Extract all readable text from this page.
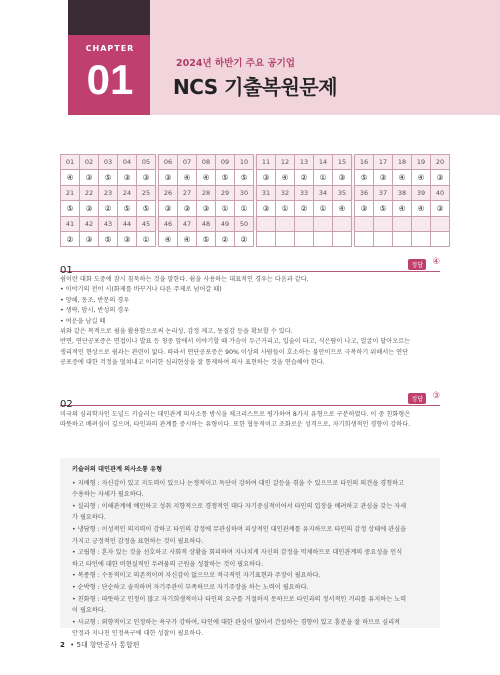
CHAPTER
01	2024년 하반기 주요 공기업
NCS 기출복원문제
01	02	03	04	05		06	07	08	09	10		11	12	13	14	15		16	17	18	19	20
④	③	⑤	③	③		③	④	④	⑤	⑤		③	④	②	①	③		⑤	③	④	④	③
21	22	23	24	25		26	27	28	29	30		31	32	33	34	35		36	37	38	39	40
⑤	③	②	⑤	⑤		③	③	③	①	①		③	①	②	①	④		③	⑤	④	④	③
41	42	43	44	45		46	47	48	49	50												
②	③	⑤	③	①		④	④	⑤	②	②												
01	정답	④
쉼이란 대화 도중에 잠시 침묵하는 것을 말한다. 쉼을 사용하는 대표적인 경우는 다음과 같다.
• 이야기의 전이 시(화제를 바꾸거나 다른 주제로 넘어갈 때)
• 양해, 동조, 반문의 경우
• 생략, 암시, 반성의 경우
• 여운을 남길 때
위와 같은 목적으로 쉼을 활용함으로써 논리성, 감정 제고, 동질감 등을 확보할 수 있다.
반면, 연단공포증은 면접이나 발표 등 청중 앞에서 이야기할 때 가슴이 두근거리고, 입술이 타고, 식은땀이 나고, 얼굴이 달아오르는
생리적인 현상으로 쉼과는 관련이 없다. 따라서 연단공포증은 90% 이상의 사람들이 호소하는 불안이므로 극복하기 위해서는 연단
공포증에 대한 걱정을 떨쳐내고 이러한 심리현상을 잘 통제하여 의사 표현하는 것을 연습해야 한다.
02	정답	③
미국의 심리학자인 도널드 키슬러는 대인관계 의사소통 방식을 체크리스트로 평가하여 8가지 유형으로 구분하였다. 이 중 친화형은
따뜻하고 배려심이 깊으며, 타인과의 관계를 중시하는 유형이다. 또한 협동적이고 조화로운 성격으로, 자기희생적인 경향이 강하다.
키슬러의 대인관계 의사소통 유형
• 지배형 : 자신감이 있고 지도력이 있으나 논쟁적이고 독단이 강하여 대인 갈등을 겪을 수 있으므로 타인의 의견을 경청하고
수용하는 자세가 필요하다.
• 실리형 : 이해관계에 예민하고 성취 지향적으로 경쟁적인 데다 자기중심적이어서 타인의 입장을 배려하고 관심을 갖는 자세
가 필요하다.
• 냉담형 : 이성적인 의지력이 강하고 타인의 감정에 무관심하며 피상적인 대인관계를 유지하므로 타인의 감정 상태에 관심을
가지고 긍정적인 감정을 표현하는 것이 필요하다.
• 고립형 : 혼자 있는 것을 선호하고 사회적 상황을 회피하며 지나치게 자신의 감정을 억제하므로 대인관계의 중요성을 인식
하고 타인에 대한 비현실적인 두려움의 근원을 성찰하는 것이 필요하다.
• 복종형 : 수동적이고 의존적이며 자신감이 없으므로 적극적인 자기표현과 주장이 필요하다.
• 순박형 : 단순하고 솔직하며 자기주관이 부족하므로 자기주장을 하는 노력이 필요하다.
• 친화형 : 따뜻하고 인정이 많고 자기희생적이나 타인의 요구를 거절하지 못하므로 타인과의 정서적인 거리를 유지하는 노력
이 필요하다.
• 사교형 : 외향적이고 인정하는 욕구가 강하여, 타인에 대한 관심이 많아서 간섭하는 경향이 있고 흥분을 잘 하므로 심리적
안정과 지나친 인정욕구에 대한 성찰이 필요하다.
2 • 5대 항만공사 통합편
